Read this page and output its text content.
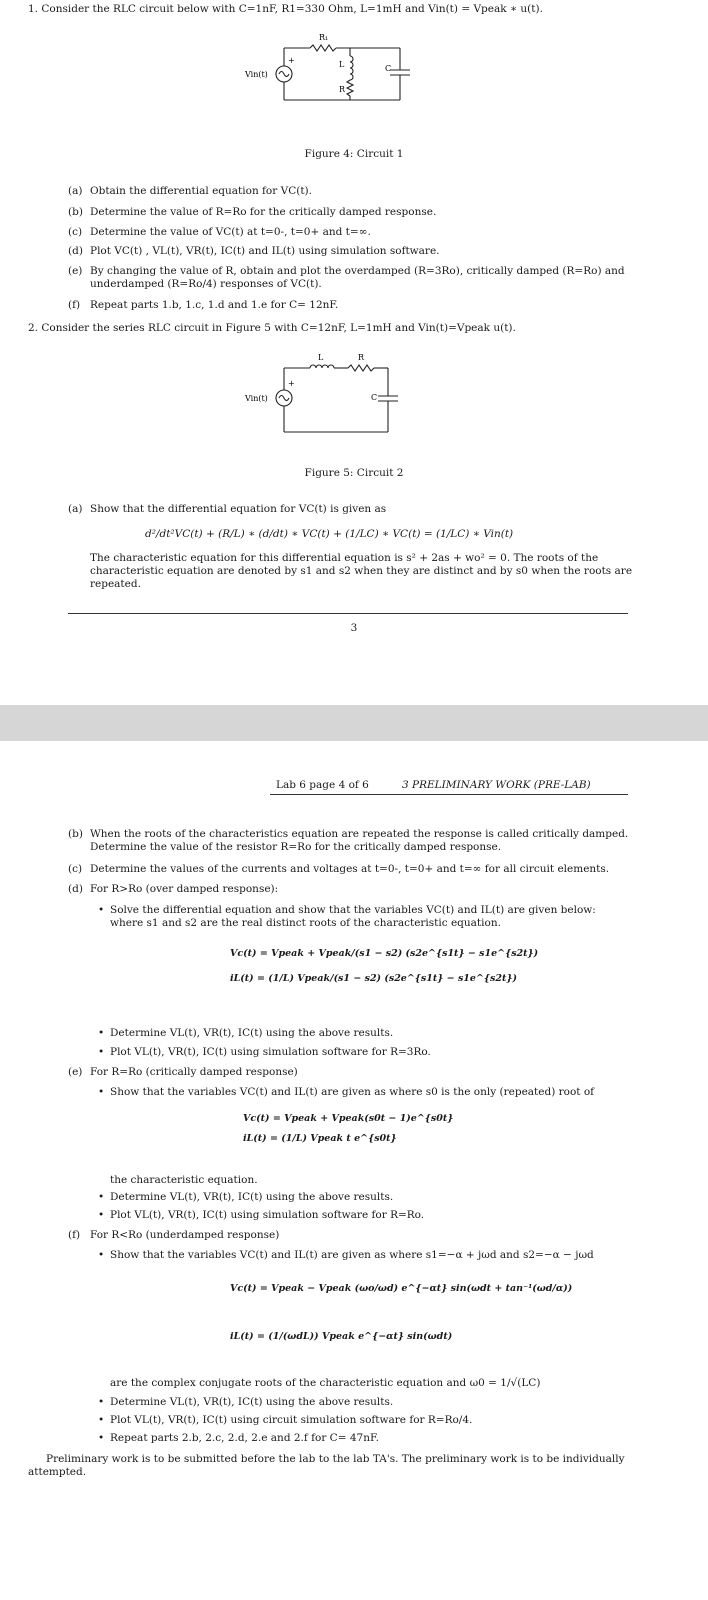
1. Consider the RLC circuit below with C=1nF, R1=330 Ohm, L=1mH and Vin(t) = Vpeak ∗ u(t).
R₁
L
R
C
Vin(t)
+
Figure 4: Circuit 1
(a) Obtain the differential equation for VC(t).
(b) Determine the value of R=Ro for the critically damped response.
(c) Determine the value of VC(t) at t=0-, t=0+ and t=∞.
(d) Plot VC(t) , VL(t), VR(t), IC(t) and IL(t) using simulation software.
(e) By changing the value of R, obtain and plot the overdamped (R=3Ro), critically damped (R=Ro) and underdamped (R=Ro/4) responses of VC(t).
(f) Repeat parts 1.b, 1.c, 1.d and 1.e for C= 12nF.
2. Consider the series RLC circuit in Figure 5 with C=12nF, L=1mH and Vin(t)=Vpeak u(t).
L	R
C
Vin(t)
+
Figure 5: Circuit 2
(a) Show that the differential equation for VC(t) is given as
d²/dt²VC(t) + (R/L) ∗ (d/dt) ∗ VC(t) + (1/LC) ∗ VC(t) = (1/LC) ∗ Vin(t)
The characteristic equation for this differential equation is s² + 2as + wo² = 0. The roots of the characteristic equation are denoted by s1 and s2 when they are distinct and by s0 when the roots are repeated.
3
Lab 6 page 4 of 6	3 PRELIMINARY WORK (PRE-LAB)
(b) When the roots of the characteristics equation are repeated the response is called critically damped. Determine the value of the resistor R=Ro for the critically damped response.
(c) Determine the values of the currents and voltages at t=0-, t=0+ and t=∞ for all circuit elements.
(d) For R>Ro (over damped response):
• Solve the differential equation and show that the variables VC(t) and IL(t) are given below: where s1 and s2 are the real distinct roots of the characteristic equation.
Vc(t) = Vpeak + Vpeak/(s1 − s2) (s2e^{s1t} − s1e^{s2t})
iL(t) = (1/L) Vpeak/(s1 − s2) (s2e^{s1t} − s1e^{s2t})
• Determine VL(t), VR(t), IC(t) using the above results.
• Plot VL(t), VR(t), IC(t) using simulation software for R=3Ro.
(e) For R=Ro (critically damped response)
• Show that the variables VC(t) and IL(t) are given as where s0 is the only (repeated) root of
Vc(t) = Vpeak + Vpeak(s0t − 1)e^{s0t}
iL(t) = (1/L) Vpeak t e^{s0t}
the characteristic equation.
• Determine VL(t), VR(t), IC(t) using the above results.
• Plot VL(t), VR(t), IC(t) using simulation software for R=Ro.
(f) For R<Ro (underdamped response)
• Show that the variables VC(t) and IL(t) are given as where s1=−α + jωd and s2=−α − jωd
Vc(t) = Vpeak − Vpeak (ωo/ωd) e^{−αt} sin(ωdt + tan⁻¹(ωd/α))
iL(t) = (1/(ωdL)) Vpeak e^{−αt} sin(ωdt)
are the complex conjugate roots of the characteristic equation and ω0 = 1/√(LC)
• Determine VL(t), VR(t), IC(t) using the above results.
• Plot VL(t), VR(t), IC(t) using circuit simulation software for R=Ro/4.
• Repeat parts 2.b, 2.c, 2.d, 2.e and 2.f for C= 47nF.
Preliminary work is to be submitted before the lab to the lab TA's. The preliminary work is to be individually attempted.
